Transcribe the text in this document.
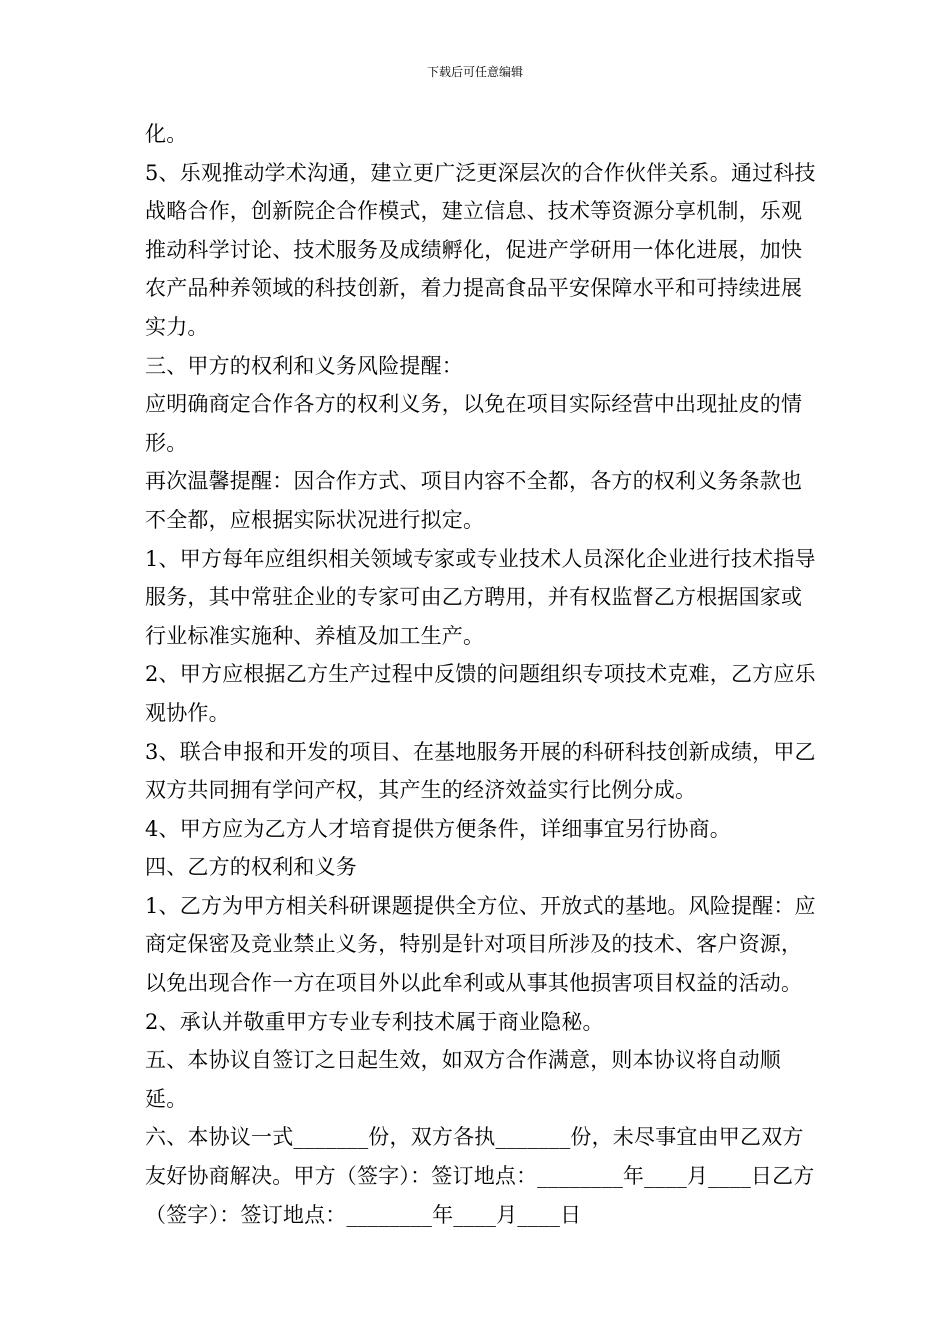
下载后可任意编辑

化。

5、乐观推动学术沟通，建立更广泛更深层次的合作伙伴关系。通过科技战略合作，创新院企合作模式，建立信息、技术等资源分享机制，乐观推动科学讨论、技术服务及成绩孵化，促进产学研用一体化进展，加快农产品种养领域的科技创新，着力提高食品平安保障水平和可持续进展实力。

三、甲方的权利和义务风险提醒：

应明确商定合作各方的权利义务，以免在项目实际经营中出现扯皮的情形。

再次温馨提醒：因合作方式、项目内容不全都，各方的权利义务条款也不全都，应根据实际状况进行拟定。

1、甲方每年应组织相关领域专家或专业技术人员深化企业进行技术指导服务，其中常驻企业的专家可由乙方聘用，并有权监督乙方根据国家或行业标准实施种、养植及加工生产。

2、甲方应根据乙方生产过程中反馈的问题组织专项技术克难，乙方应乐观协作。

3、联合申报和开发的项目、在基地服务开展的科研科技创新成绩，甲乙双方共同拥有学问产权，其产生的经济效益实行比例分成。

4、甲方应为乙方人才培育提供方便条件，详细事宜另行协商。

四、乙方的权利和义务

1、乙方为甲方相关科研课题提供全方位、开放式的基地。风险提醒：应商定保密及竞业禁止义务，特别是针对项目所涉及的技术、客户资源，以免出现合作一方在项目外以此牟利或从事其他损害项目权益的活动。

2、承认并敬重甲方专业专利技术属于商业隐秘。

五、本协议自签订之日起生效，如双方合作满意，则本协议将自动顺延。

六、本协议一式_______份，双方各执_______份，未尽事宜由甲乙双方友好协商解决。甲方（签字）：签订地点：________年____月____日乙方（签字）：签订地点：________年____月____日
